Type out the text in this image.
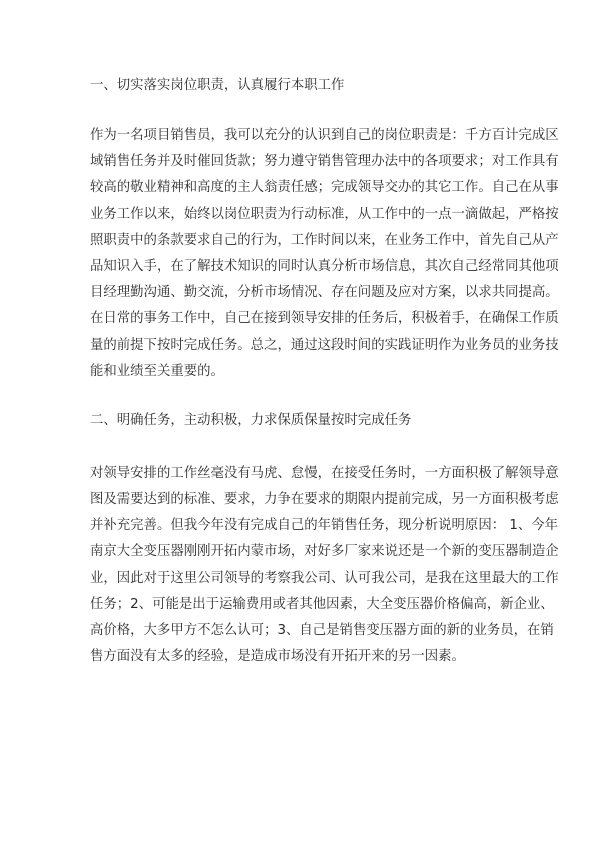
一、切实落实岗位职责，认真履行本职工作
作为一名项目销售员，我可以充分的认识到自己的岗位职责是：千方百计完成区
域销售任务并及时催回货款；努力遵守销售管理办法中的各项要求；对工作具有
较高的敬业精神和高度的主人翁责任感；完成领导交办的其它工作。自己在从事
业务工作以来，始终以岗位职责为行动标准，从工作中的一点一滴做起，严格按
照职责中的条款要求自己的行为，工作时间以来，在业务工作中，首先自己从产
品知识入手，在了解技术知识的同时认真分析市场信息，其次自己经常同其他项
目经理勤沟通、勤交流，分析市场情况、存在问题及应对方案，以求共同提高。
在日常的事务工作中，自己在接到领导安排的任务后，积极着手，在确保工作质
量的前提下按时完成任务。总之，通过这段时间的实践证明作为业务员的业务技
能和业绩至关重要的。
二、明确任务，主动积极，力求保质保量按时完成任务
对领导安排的工作丝毫没有马虎、怠慢，在接受任务时，一方面积极了解领导意
图及需要达到的标准、要求，力争在要求的期限内提前完成，另一方面积极考虑
并补充完善。但我今年没有完成自己的年销售任务，现分析说明原因： 1、今年
南京大全变压器刚刚开拓内蒙市场，对好多厂家来说还是一个新的变压器制造企
业，因此对于这里公司领导的考察我公司、认可我公司，是我在这里最大的工作
任务；2、可能是出于运输费用或者其他因素，大全变压器价格偏高，新企业、
高价格，大多甲方不怎么认可；3、自己是销售变压器方面的新的业务员，在销
售方面没有太多的经验，是造成市场没有开拓开来的另一因素。
